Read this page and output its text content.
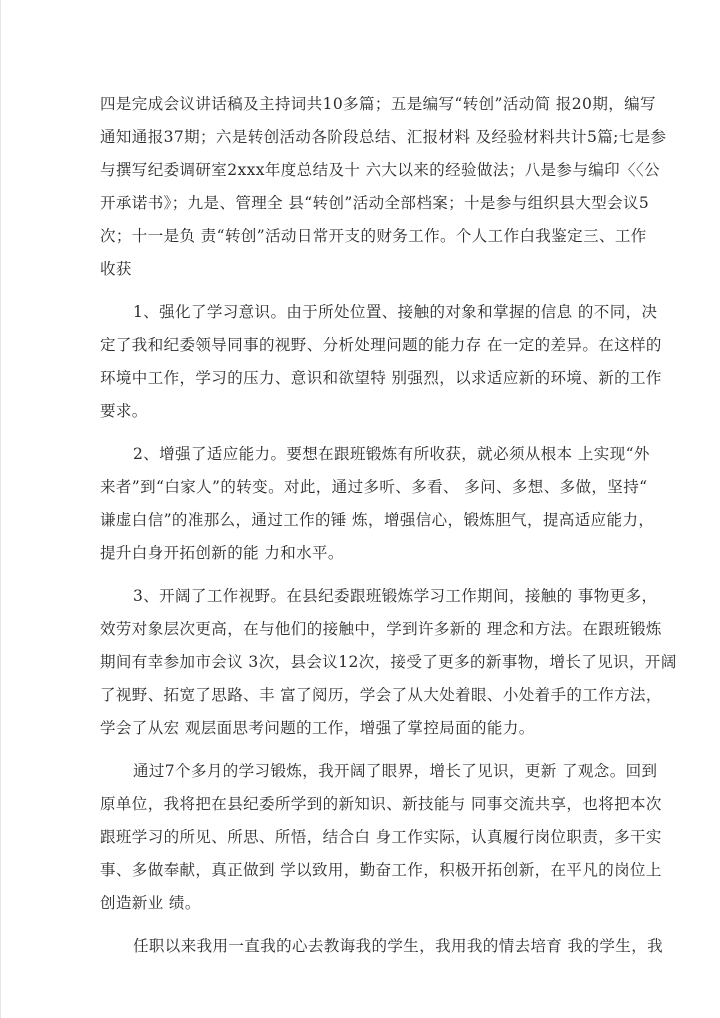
四是完成会议讲话稿及主持词共10多篇；五是编写“转创”活动简 报20期，编写
通知通报37期；六是转创活动各阶段总结、汇报材料 及经验材料共计5篇;七是参
与撰写纪委调研室2xxx年度总结及十 六大以来的经验做法；八是参与编印〈〈公
开承诺书》；九是、管理全 县“转创”活动全部档案；十是参与组织县大型会议5
次；十一是负 责“转创”活动日常开支的财务工作。个人工作白我鉴定三、工作
收获
1、强化了学习意识。由于所处位置、接触的对象和掌握的信息 的不同，决
定了我和纪委领导同事的视野、分析处理问题的能力存 在一定的差异。在这样的
环境中工作，学习的压力、意识和欲望特 别强烈，以求适应新的环境、新的工作
要求。
2、增强了适应能力。要想在跟班锻炼有所收获，就必须从根本 上实现“外
来者”到“白家人”的转变。对此，通过多听、多看、 多问、多想、多做，坚持“
谦虚白信”的准那么，通过工作的锤 炼，增强信心，锻炼胆气，提高适应能力，
提升白身开拓创新的能 力和水平。
3、开阔了工作视野。在县纪委跟班锻炼学习工作期间，接触的 事物更多，
效劳对象层次更高，在与他们的接触中，学到许多新的 理念和方法。在跟班锻炼
期间有幸参加市会议 3次，县会议12次，接受了更多的新事物，增长了见识，开阔
了视野、拓宽了思路、丰 富了阅历，学会了从大处着眼、小处着手的工作方法，
学会了从宏 观层面思考问题的工作，增强了掌控局面的能力。
通过7个多月的学习锻炼，我开阔了眼界，增长了见识，更新 了观念。回到
原单位，我将把在县纪委所学到的新知识、新技能与 同事交流共享，也将把本次
跟班学习的所见、所思、所悟，结合白 身工作实际，认真履行岗位职责，多干实
事、多做奉献，真正做到 学以致用，勤奋工作，积极开拓创新，在平凡的岗位上
创造新业 绩。
任职以来我用一直我的心去教诲我的学生，我用我的情去培育 我的学生，我
